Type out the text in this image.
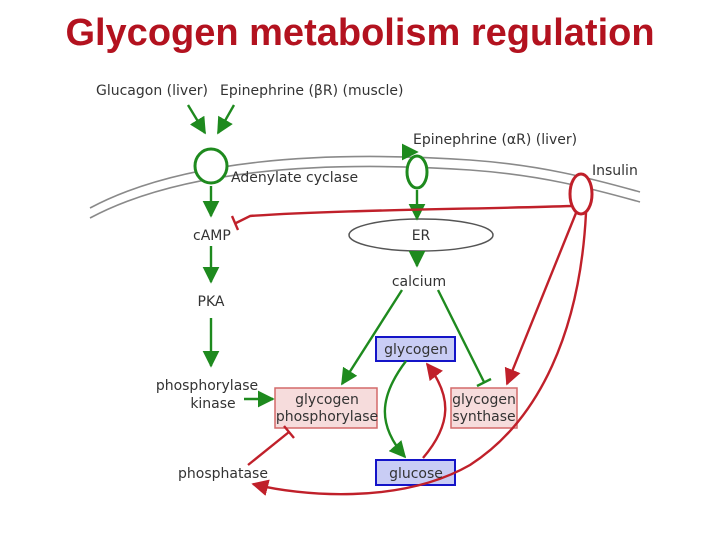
Glycogen metabolism regulation
Glucagon (liver) Epinephrine (βR) (muscle)
Epinephrine (αR) (liver)
Insulin
Adenylate cyclase
cAMP	ER
calcium
PKA
phosphorylase
kinase
glycogen
glycogen
phosphorylase
glycogen
synthase
glucose
phosphatase
